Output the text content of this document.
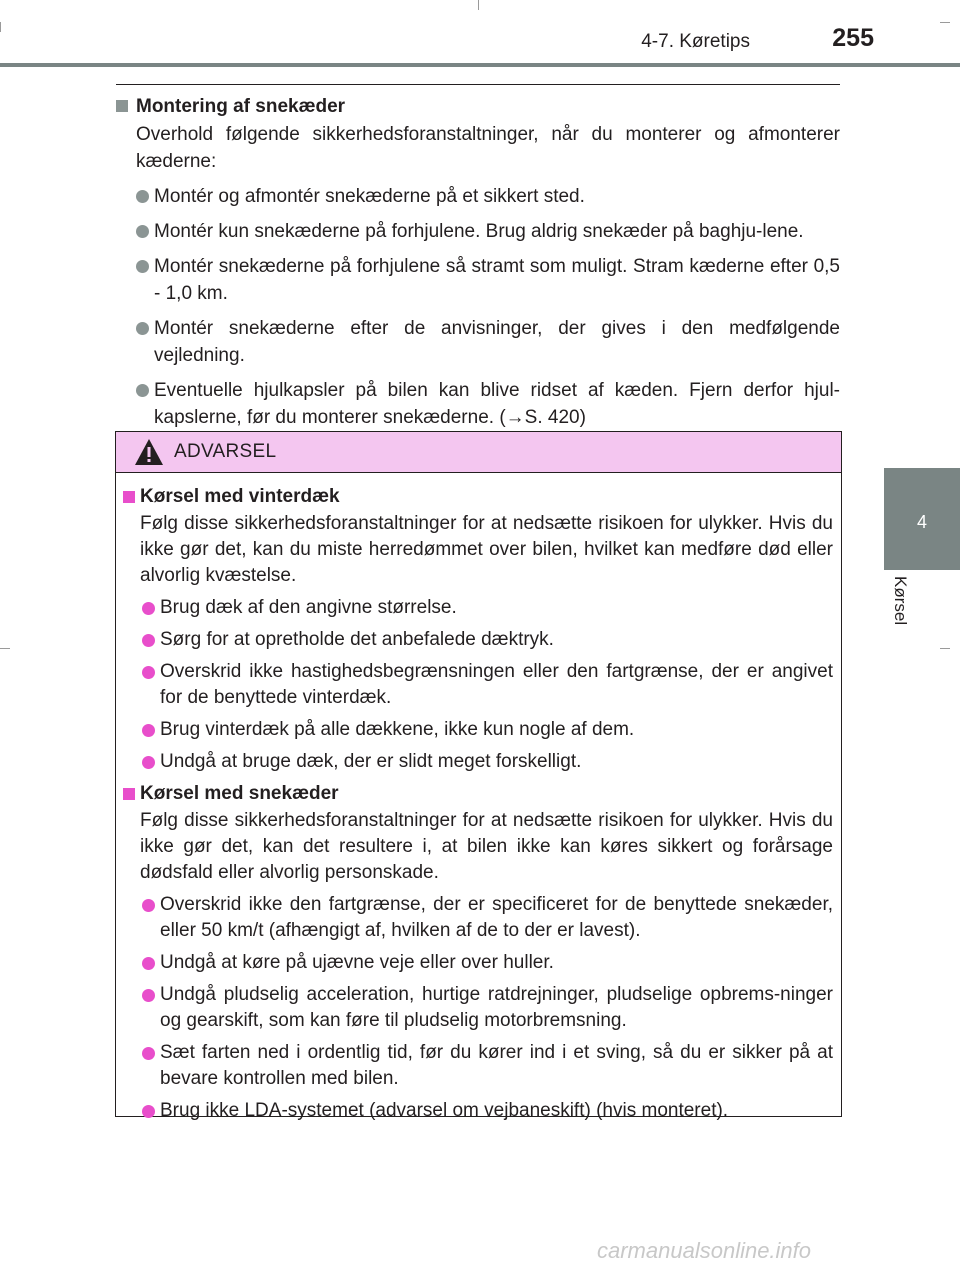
4-7. Køretips	255
4
Kørsel
Montering af snekæder
Overhold følgende sikkerhedsforanstaltninger, når du monterer og afmonterer kæderne:
Montér og afmontér snekæderne på et sikkert sted.
Montér kun snekæderne på forhjulene. Brug aldrig snekæder på baghju-lene.
Montér snekæderne på forhjulene så stramt som muligt. Stram kæderne efter 0,5 - 1,0 km.
Montér snekæderne efter de anvisninger, der gives i den medfølgende vejledning.
Eventuelle hjulkapsler på bilen kan blive ridset af kæden. Fjern derfor hjul-kapslerne, før du monterer snekæderne. (→S. 420)
ADVARSEL
Kørsel med vinterdæk
Følg disse sikkerhedsforanstaltninger for at nedsætte risikoen for ulykker. Hvis du ikke gør det, kan du miste herredømmet over bilen, hvilket kan medføre død eller alvorlig kvæstelse.
Brug dæk af den angivne størrelse.
Sørg for at opretholde det anbefalede dæktryk.
Overskrid ikke hastighedsbegrænsningen eller den fartgrænse, der er angivet for de benyttede vinterdæk.
Brug vinterdæk på alle dækkene, ikke kun nogle af dem.
Undgå at bruge dæk, der er slidt meget forskelligt.
Kørsel med snekæder
Følg disse sikkerhedsforanstaltninger for at nedsætte risikoen for ulykker. Hvis du ikke gør det, kan det resultere i, at bilen ikke kan køres sikkert og forårsage dødsfald eller alvorlig personskade.
Overskrid ikke den fartgrænse, der er specificeret for de benyttede snekæder, eller 50 km/t (afhængigt af, hvilken af de to der er lavest).
Undgå at køre på ujævne veje eller over huller.
Undgå pludselig acceleration, hurtige ratdrejninger, pludselige opbrems-ninger og gearskift, som kan føre til pludselig motorbremsning.
Sæt farten ned i ordentlig tid, før du kører ind i et sving, så du er sikker på at bevare kontrollen med bilen.
Brug ikke LDA-systemet (advarsel om vejbaneskift) (hvis monteret).
carmanualsonline.info
